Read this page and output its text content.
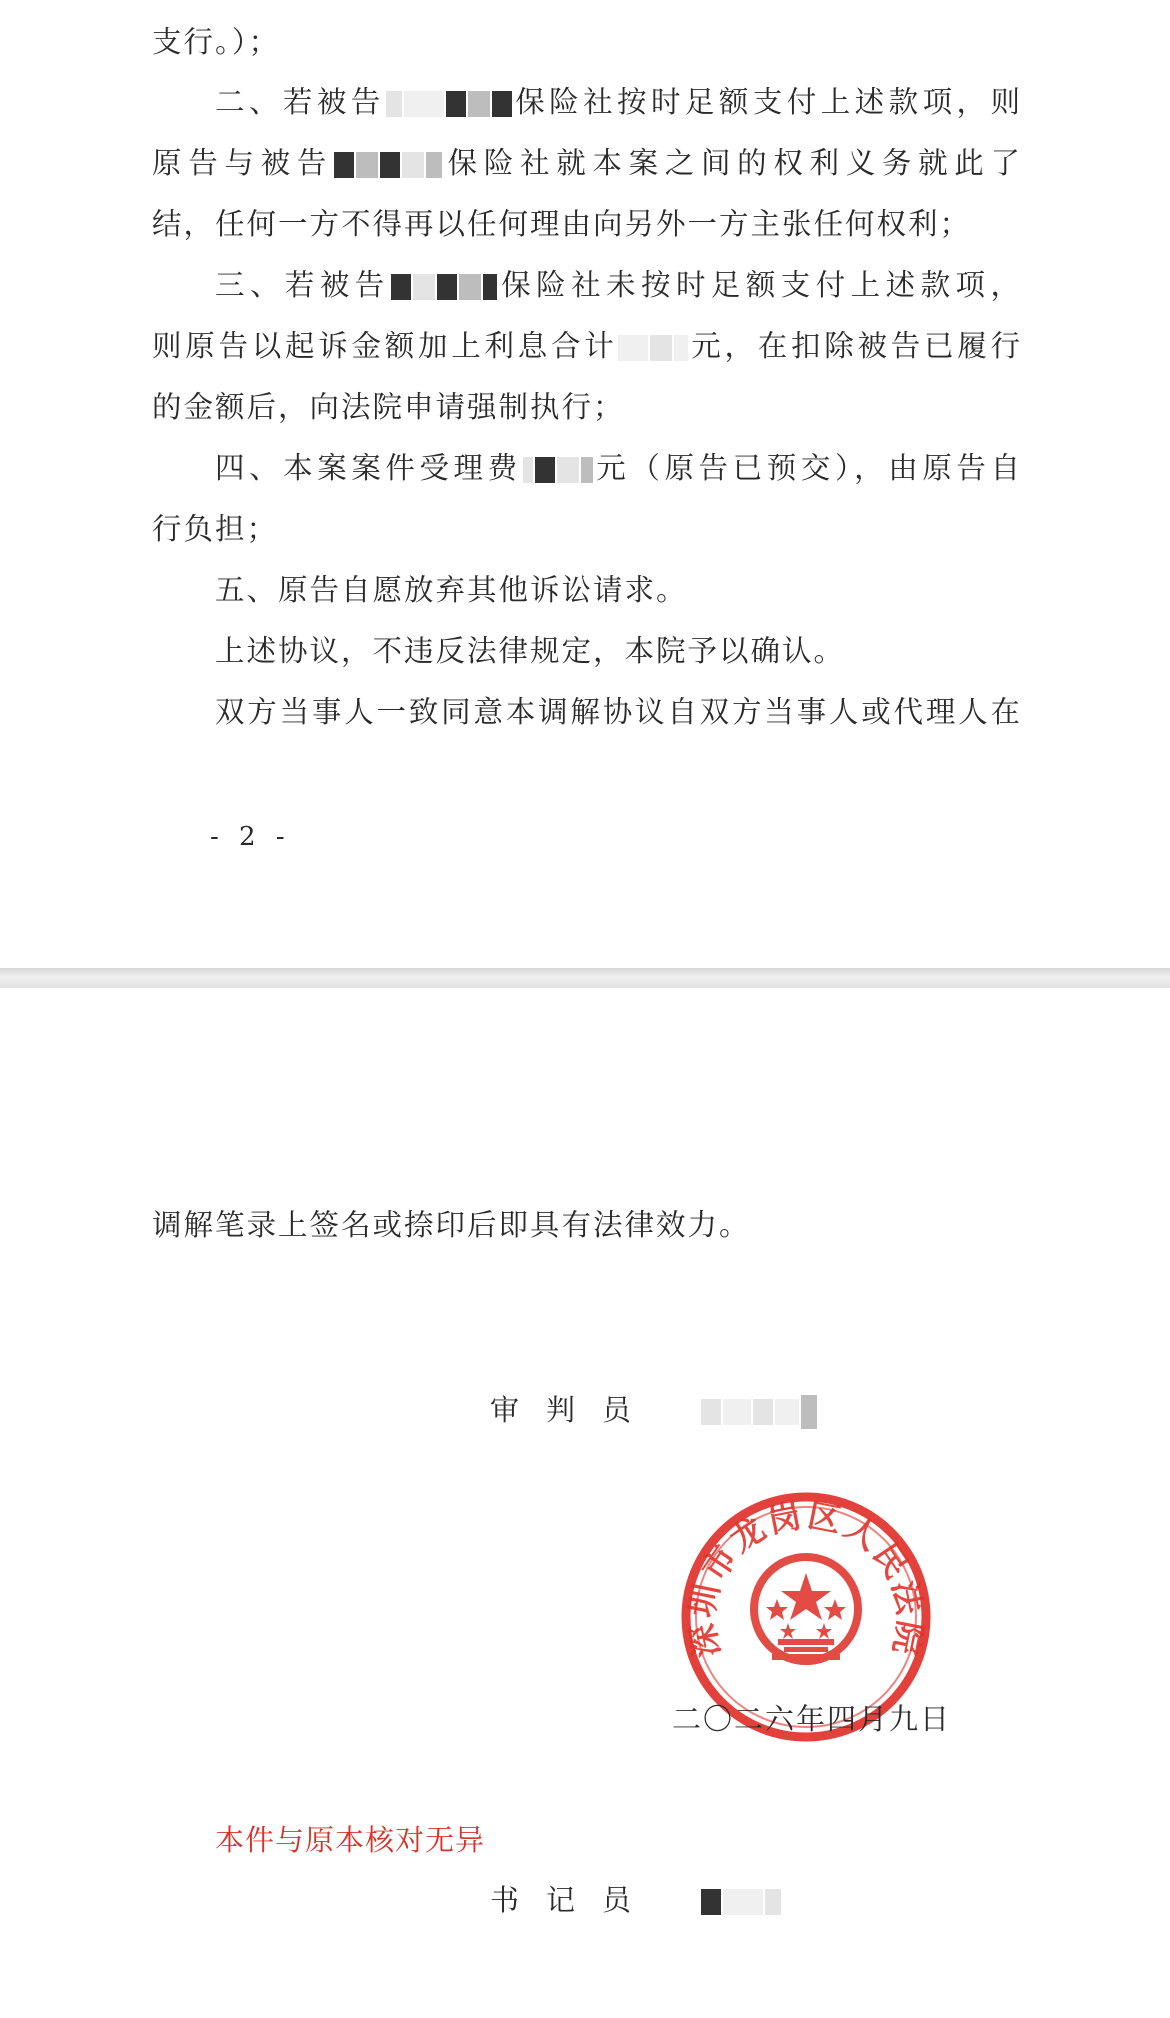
支行。）；
二、若被告	保险社按时足额支付上述款项，则
原告与被告	保险社就本案之间的权利义务就此了
结，任何一方不得再以任何理由向另外一方主张任何权利；
三、若被告	保险社未按时足额支付上述款项，
则原告以起诉金额加上利息合计 元，在扣除被告已履行
的金额后，向法院申请强制执行；
四、本案案件受理费 元（原告已预交），由原告自
行负担；
五、原告自愿放弃其他诉讼请求。
上述协议，不违反法律规定，本院予以确认。
双方当事人一致同意本调解协议自双方当事人或代理人在
- 2 -
调解笔录上签名或捺印后即具有法律效力。
审 判 员
深圳市龙岗区人民法院
二〇二六年四月九日
本件与原本核对无异
书 记 员
